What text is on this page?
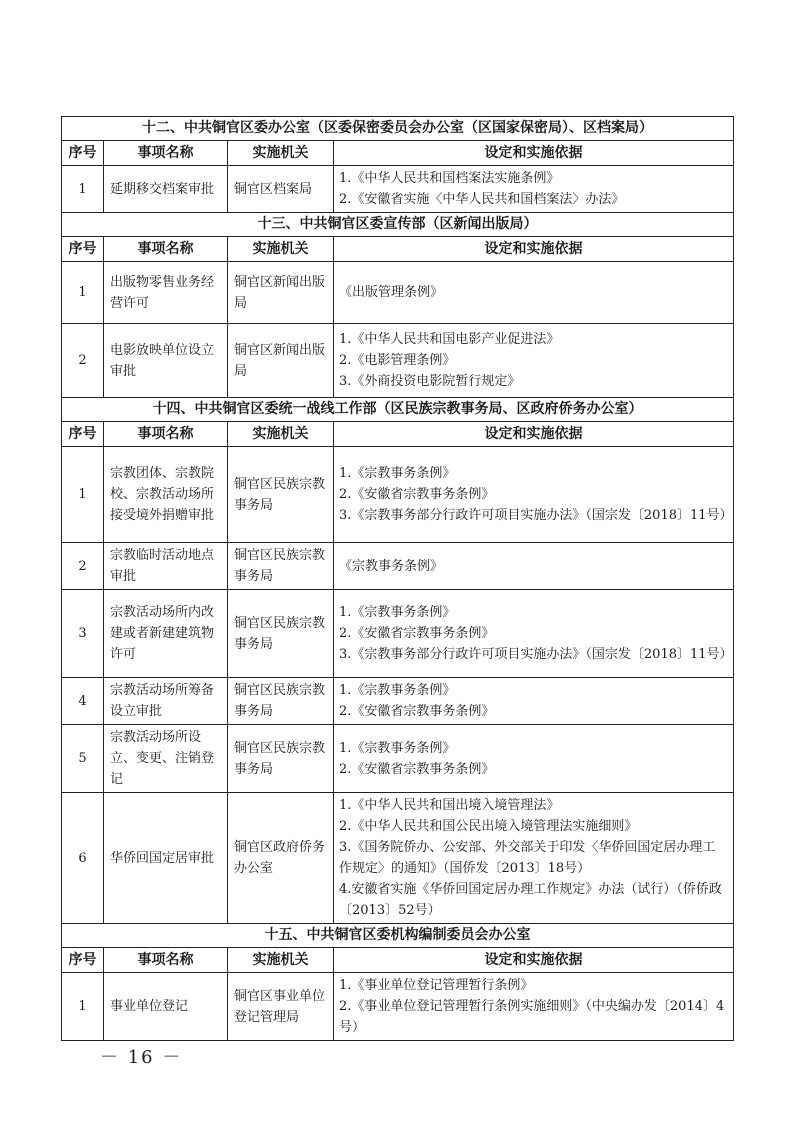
十二、中共铜官区委办公室（区委保密委员会办公室（区国家保密局）、区档案局）			
序号	事项名称	实施机关	设定和实施依据
1	延期移交档案审批	铜官区档案局	1.《中华人民共和国档案法实施条例》
2.《安徽省实施〈中华人民共和国档案法〉办法》

十三、中共铜官区委宣传部（区新闻出版局）			
序号	事项名称	实施机关	设定和实施依据
1	出版物零售业务经营许可	铜官区新闻出版局	《出版管理条例》

2	电影放映单位设立审批	铜官区新闻出版局	1.《中华人民共和国电影产业促进法》
2.《电影管理条例》
3.《外商投资电影院暂行规定》

十四、中共铜官区委统一战线工作部（区民族宗教事务局、区政府侨务办公室）			
序号	事项名称	实施机关	设定和实施依据
1	宗教团体、宗教院校、宗教活动场所接受境外捐赠审批	铜官区民族宗教事务局	1.《宗教事务条例》
2.《安徽省宗教事务条例》
3.《宗教事务部分行政许可项目实施办法》（国宗发〔2018〕11号）

2	宗教临时活动地点审批	铜官区民族宗教事务局	《宗教事务条例》

3	宗教活动场所内改建或者新建建筑物许可	铜官区民族宗教事务局	1.《宗教事务条例》
2.《安徽省宗教事务条例》
3.《宗教事务部分行政许可项目实施办法》（国宗发〔2018〕11号）

4	宗教活动场所筹备设立审批	铜官区民族宗教事务局	1.《宗教事务条例》
2.《安徽省宗教事务条例》

5	宗教活动场所设立、变更、注销登记	铜官区民族宗教事务局	1.《宗教事务条例》
2.《安徽省宗教事务条例》

6	华侨回国定居审批	铜官区政府侨务办公室	1.《中华人民共和国出境入境管理法》
2.《中华人民共和国公民出境入境管理法实施细则》
3.《国务院侨办、公安部、外交部关于印发〈华侨回国定居办理工作规定〉的通知》（国侨发〔2013〕18号）
4.安徽省实施《华侨回国定居办理工作规定》办法（试行）（侨侨政〔2013〕52号）

十五、中共铜官区委机构编制委员会办公室			
序号	事项名称	实施机关	设定和实施依据
1	事业单位登记	铜官区事业单位登记管理局	1.《事业单位登记管理暂行条例》
2.《事业单位登记管理暂行条例实施细则》（中央编办发〔2014〕4号）
－ 16 －
